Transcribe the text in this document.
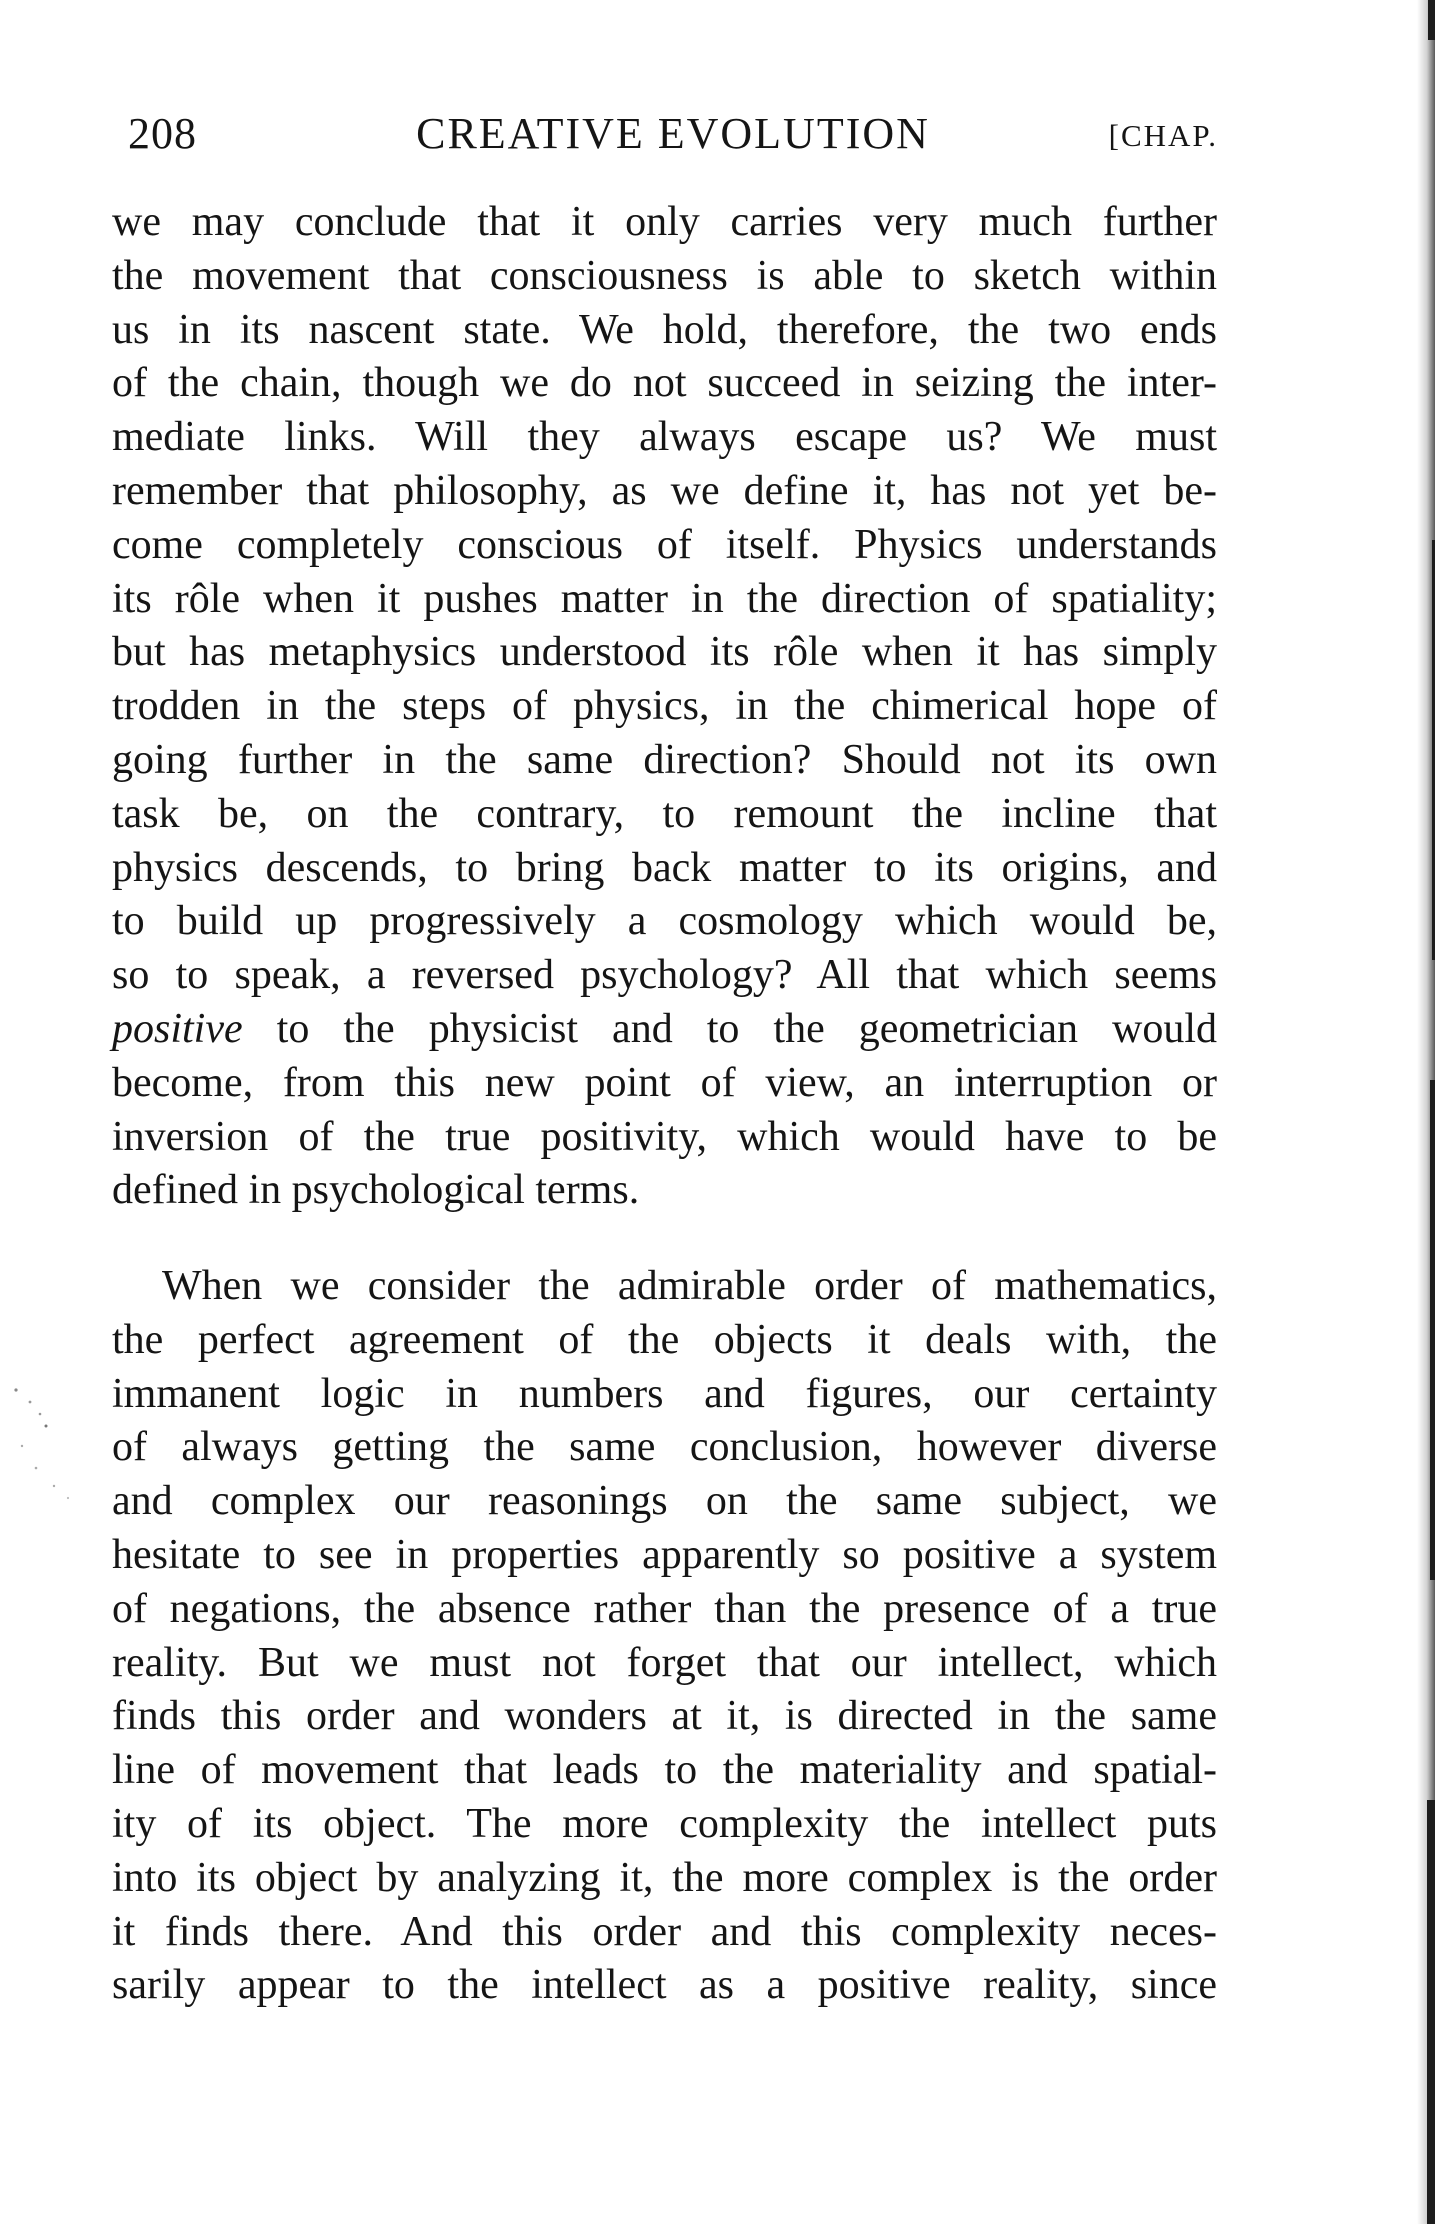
208	CREATIVE EVOLUTION	[CHAP.
we may conclude that it only carries very much further
the movement that consciousness is able to sketch within
us in its nascent state. We hold, therefore, the two ends
of the chain, though we do not succeed in seizing the inter-
mediate links. Will they always escape us? We must
remember that philosophy, as we define it, has not yet be-
come completely conscious of itself. Physics understands
its rôle when it pushes matter in the direction of spatiality;
but has metaphysics understood its rôle when it has simply
trodden in the steps of physics, in the chimerical hope of
going further in the same direction? Should not its own
task be, on the contrary, to remount the incline that
physics descends, to bring back matter to its origins, and
to build up progressively a cosmology which would be,
so to speak, a reversed psychology? All that which seems
positive to the physicist and to the geometrician would
become, from this new point of view, an interruption or
inversion of the true positivity, which would have to be
defined in psychological terms.
When we consider the admirable order of mathematics,
the perfect agreement of the objects it deals with, the
immanent logic in numbers and figures, our certainty
of always getting the same conclusion, however diverse
and complex our reasonings on the same subject, we
hesitate to see in properties apparently so positive a system
of negations, the absence rather than the presence of a true
reality. But we must not forget that our intellect, which
finds this order and wonders at it, is directed in the same
line of movement that leads to the materiality and spatial-
ity of its object. The more complexity the intellect puts
into its object by analyzing it, the more complex is the order
it finds there. And this order and this complexity neces-
sarily appear to the intellect as a positive reality, since
